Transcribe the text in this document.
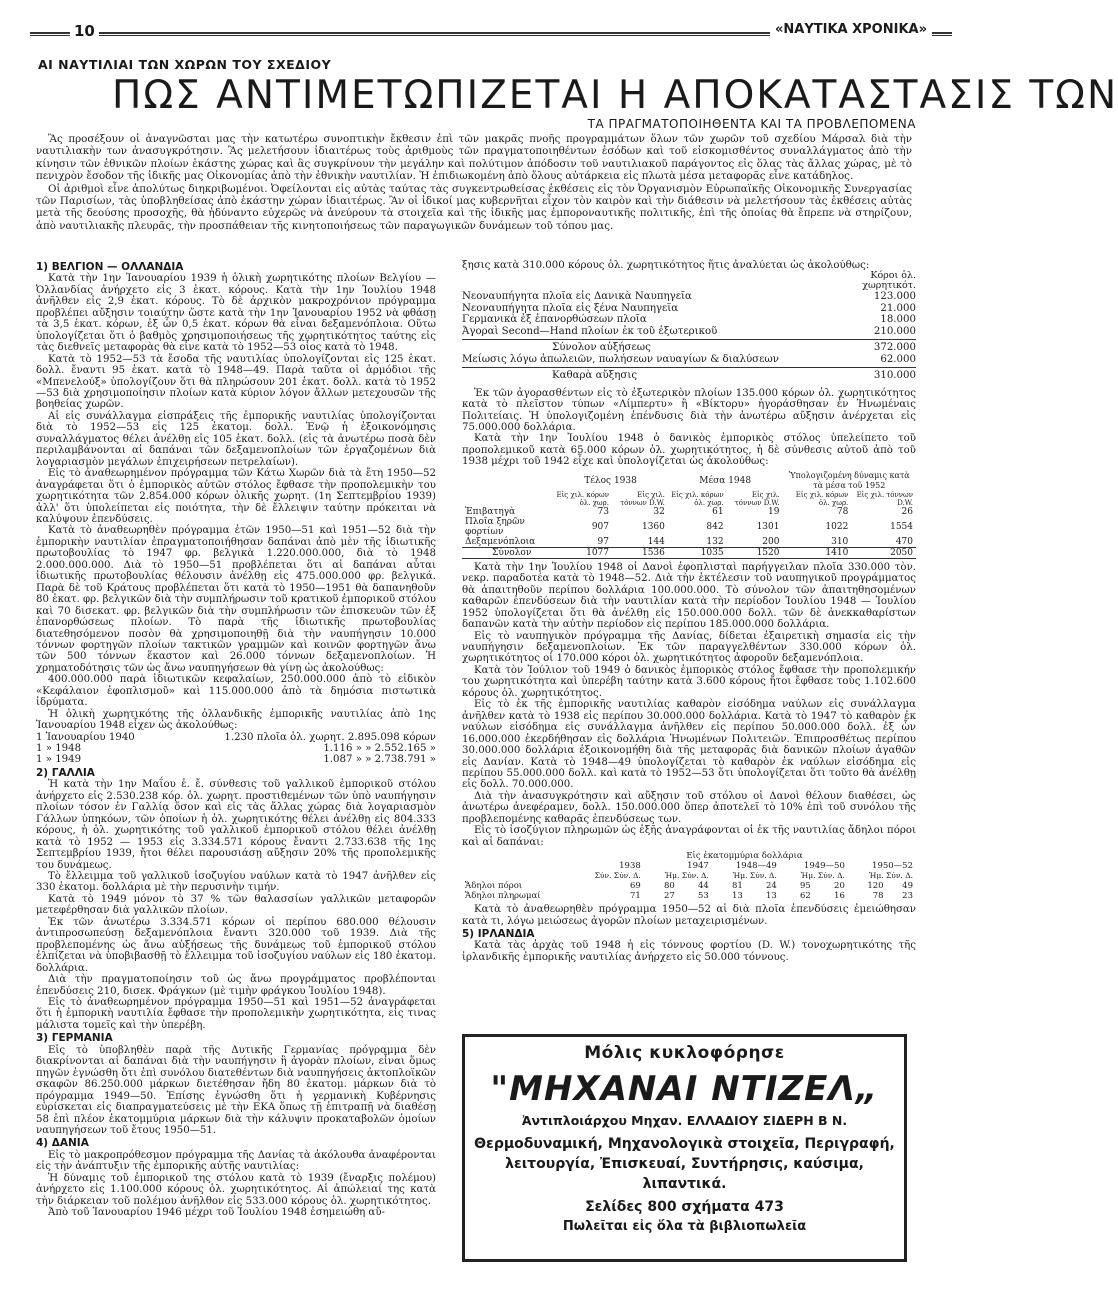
10	«ΝΑΥΤΙΚΑ ΧΡΟΝΙΚΑ»
ΑΙ ΝΑΥΤΙΛΙΑΙ ΤΩΝ ΧΩΡΩΝ ΤΟΥ ΣΧΕΔΙΟΥ
ΠΩΣ ΑΝΤΙΜΕΤΩΠΙΖΕΤΑΙ Η ΑΠΟΚΑΤΑΣΤΑΣΙΣ ΤΩΝ
ΤΑ ΠΡΑΓΜΑΤΟΠΟΙΗΘΕΝΤΑ ΚΑΙ ΤΑ ΠΡΟΒΛΕΠΟΜΕΝΑ

Ἂς προσέξουν οἱ ἀναγνῶσται μας τὴν κατωτέρω συνοπτικὴν ἔκθεσιν ἐπὶ τῶν μακρᾶς πνοῆς προγραμμάτων ὅλων τῶν χωρῶν τοῦ σχεδίου Μάρσαλ διὰ τὴν ναυτιλιακὴν των ἀνασυγκρότησιν. Ἂς μελετήσουν ἰδιαιτέρως τοὺς ἀριθμοὺς τῶν πραγματοποιηθέντων ἐσόδων καὶ τοῦ εἰσκομισθέντος συναλλάγματος ἀπὸ τὴν κίνησιν τῶν ἐθνικῶν πλοίων ἑκάστης χώρας καὶ ἂς συγκρίνουν τὴν μεγάλην καὶ πολύτιμον ἀπόδοσιν τοῦ ναυτιλιακοῦ παράγοντος εἰς ὅλας τὰς ἄλλας χώρας, μὲ τὸ πενιχρὸν ἔσοδον τῆς ἰδικῆς μας Οἰκονομίας ἀπὸ τὴν ἐθνικὴν ναυτιλίαν. Ἡ ἐπιδιωκομένη ἀπὸ ὅλους αὐτάρκεια εἰς πλωτὰ μέσα μεταφορᾶς εἶνε κατάδηλος.

Οἱ ἀριθμοὶ εἶνε ἀπολύτως διηκριβωμένοι. Ὀφείλονται εἰς αὐτὰς ταύτας τὰς συγκεντρωθείσας ἐκθέσεις εἰς τὸν Ὀργανισμὸν Εὐρωπαϊκῆς Οἰκονομικῆς Συνεργασίας τῶν Παρισίων, τὰς ὑποβληθείσας ἀπὸ ἑκάστην χώραν ἰδιαιτέρως. Ἂν οἱ ἰδικοί μας κυβερνῆται εἶχον τὸν καιρὸν καὶ τὴν διάθεσιν νὰ μελετήσουν τὰς ἐκθέσεις αὐτὰς μετὰ τῆς δεούσης προσοχῆς, θὰ ἠδύναντο εὐχερῶς νὰ ἀνεύρουν τὰ στοιχεῖα καὶ τῆς ἰδικῆς μας ἐμποροναυτικῆς πολιτικῆς, ἐπὶ τῆς ὁποίας θὰ ἔπρεπε νὰ στηρίζουν, ἀπὸ ναυτιλιακῆς πλευρᾶς, τὴν προσπάθειαν τῆς κινητοποιήσεως τῶν παραγωγικῶν δυνάμεων τοῦ τόπου μας.

1) ΒΕΛΓΙΟΝ — ΟΛΛΑΝΔΙΑ

Κατὰ τὴν 1ην Ἰανουαρίου 1939 ἡ ὁλικὴ χωρητικότης πλοίων Βελγίου — Ὀλλανδίας ἀνήρχετο εἰς 3 ἑκατ. κόρους. Κατὰ τὴν 1ην Ἰουλίου 1948 ἀνῆλθεν εἰς 2,9 ἑκατ. κόρους. Τὸ δὲ ἀρχικὸν μακροχρόνιον πρόγραμμα προβλέπει αὔξησιν τοιαύτην ὥστε κατὰ τὴν 1ην Ἰανουαρίου 1952 νὰ φθάσῃ τὰ 3,5 ἑκατ. κόρων, ἐξ ὧν 0,5 ἑκατ. κόρων θὰ εἶναι δεξαμενόπλοια. Οὕτω ὑπολογίζεται ὅτι ὁ βαθμὸς χρησιμοποιήσεως τῆς χωρητικότητος ταύτης εἰς τὰς διεθνεῖς μεταφορὰς θὰ εἶνε κατὰ τὸ 1952—53 οἷος κατὰ τὸ 1948.

Κατὰ τὸ 1952—53 τὰ ἔσοδα τῆς ναυτιλίας ὑπολογίζονται εἰς 125 ἑκατ. δολλ. ἔναντι 95 ἑκατ. κατὰ τὸ 1948—49. Παρὰ ταῦτα οἱ ἁρμόδιοι τῆς «Μπενελούξ» ὑπολογίζουν ὅτι θὰ πληρώσουν 201 ἑκατ. δολλ. κατὰ τὸ 1952—53 διὰ χρησιμοποίησιν πλοίων κατὰ κύριον λόγον ἄλλων μετεχουσῶν τῆς βοηθείας χωρῶν.

Αἱ εἰς συνάλλαγμα εἰσπράξεις τῆς ἐμπορικῆς ναυτιλίας ὑπολογίζονται διὰ τὸ 1952—53 εἰς 125 ἑκατομ. δολλ. Ἐνῷ ἡ ἐξοικονόμησις συναλλάγματος θέλει ἀνέλθῃ εἰς 105 ἑκατ. δολλ. (εἰς τὰ ἀνωτέρω ποσὰ δὲν περιλαμβάνονται αἱ δαπάναι τῶν δεξαμενοπλοίων τῶν ἐργαζομένων διὰ λογαριασμὸν μεγάλων ἐπιχειρήσεων πετρελαίων).

Εἰς τὸ ἀναθεωρημένον πρόγραμμα τῶν Κάτω Χωρῶν διὰ τὰ ἔτη 1950—52 ἀναγράφεται ὅτι ὁ ἐμπορικὸς αὐτῶν στόλος ἔφθασε τὴν προπολεμικὴν του χωρητικότητα τῶν 2.854.000 κόρων ὁλικῆς χωρητ. (1η Σεπτεμβρίου 1939) ἀλλ' ὅτι ὑπολείπεται εἰς ποιότητα, τὴν δὲ ἔλλειψιν ταύτην πρόκειται νὰ καλύψουν ἐπενδύσεις.

Κατὰ τὸ ἀναθεωρηθὲν πρόγραμμα ἐτῶν 1950—51 καὶ 1951—52 διὰ τὴν ἐμπορικὴν ναυτιλίαν ἐπραγματοποιήθησαν δαπάναι ἀπὸ μὲν τῆς ἰδιωτικῆς πρωτοβουλίας τὸ 1947 φρ. βελγικὰ 1.220.000.000, διὰ τὸ 1948 2.000.000.000. Διὰ τὸ 1950—51 προβλέπεται ὅτι αἱ δαπάναι αὗται ἰδιωτικῆς πρωτοβουλίας θέλουσιν ἀνέλθῃ εἰς 475.000.000 φρ. βελγικά. Παρὰ δὲ τοῦ Κράτους προβλέπεται ὅτι κατὰ τὸ 1950—1951 θὰ δαπανηθοῦν 80 ἑκατ. φρ. βελγικῶν διὰ τὴν συμπλήρωσιν τοῦ κρατικοῦ ἐμπορικοῦ στόλου καὶ 70 δισεκατ. φρ. βελγικῶν διὰ τὴν συμπλήρωσιν τῶν ἐπισκευῶν τῶν ἐξ ἐπανορθώσεως πλοίων. Τὸ παρὰ τῆς ἰδιωτικῆς πρωτοβουλίας διατεθησόμενον ποσὸν θὰ χρησιμοποιηθῇ διὰ τὴν ναυπήγησιν 10.000 τόννων φορτηγῶν πλοίων τακτικῶν γραμμῶν καὶ κοινῶν φορτηγῶν ἄνω τῶν 500 τόννων ἕκαστον καὶ 26.000 τόννων δεξαμενοπλοίων. Ἡ χρηματοδότησις τῶν ὡς ἄνω ναυπηγήσεων θὰ γίνῃ ὡς ἀκολούθως:

400.000.000 παρὰ ἰδιωτικῶν κεφαλαίων, 250.000.000 ἀπὸ τὸ εἰδικὸν «Κεφάλαιον ἐφοπλισμοῦ» καὶ 115.000.000 ἀπὸ τὰ δημόσια πιστωτικὰ ἱδρύματα.

Ἡ ὁλικὴ χωρητικότης τῆς ὀλλανδικῆς ἐμπορικῆς ναυτιλίας ἀπὸ 1ης Ἰανουαρίου 1948 εἶχεν ὡς ἀκολούθως:

1 Ἰανουαρίου 1940	1.230 πλοῖα ὁλ. χωρητ. 2.895.098 κόρων
1 » 1948	1.116 » » 2.552.165 »
1 » 1949	1.087 » » 2.738.791 »

2) ΓΑΛΛΙΑ

Ἡ κατὰ τὴν 1ην Μαΐου ἐ. ἔ. σύνθεσις τοῦ γαλλικοῦ ἐμπορικοῦ στόλου ἀνήρχετο εἰς 2.530.238 κόρ. ὁλ. χωρητ. προστιθεμένων τῶν ὑπὸ ναυπήγησιν πλοίων τόσον ἐν Γαλλίᾳ ὅσον καὶ εἰς τὰς ἄλλας χώρας διὰ λογαριασμὸν Γάλλων ὑπηκόων, τῶν ὁποίων ἡ ὁλ. χωρητικότης θέλει ἀνέλθῃ εἰς 804.333 κόρους, ἡ ὁλ. χωρητικότης τοῦ γαλλικοῦ ἐμπορικοῦ στόλου θέλει ἀνέλθῃ κατὰ τὸ 1952 — 1953 εἰς 3.334.571 κόρους ἔναντι 2.733.638 τῆς 1ης Σεπτεμβρίου 1939, ἤτοι θέλει παρουσιάσῃ αὔξησιν 20% τῆς προπολεμικῆς του δυνάμεως.

Τὸ ἔλλειμμα τοῦ γαλλικοῦ ἰσοζυγίου ναύλων κατὰ τὸ 1947 ἀνῆλθεν εἰς 330 ἑκατομ. δολλάρια μὲ τὴν περυσινὴν τιμήν.

Κατὰ τὸ 1949 μόνον τὸ 37 % τῶν θαλασσίων γαλλικῶν μεταφορῶν μετεφέρθησαν διὰ γαλλικῶν πλοίων.

Ἐκ τῶν ἀνωτέρω 3.334.571 κόρων οἱ περίπου 680.000 θέλουσιν ἀντιπροσωπεύσῃ δεξαμενόπλοια ἔναντι 320.000 τοῦ 1939. Διὰ τῆς προβλεπομένης ὡς ἄνω αὐξήσεως τῆς δυνάμεως τοῦ ἐμπορικοῦ στόλου ἐλπίζεται νὰ ὑποβιβασθῇ τὸ ἔλλειμμα τοῦ ἰσοζυγίου ναύλων εἰς 180 ἑκατομ. δολλάρια.

Διὰ τὴν πραγματοποίησιν τοῦ ὡς ἄνω προγράμματος προβλέπονται ἐπενδύσεις 210, δισεκ. Φράγκων (μὲ τιμὴν φράγκου Ἰουλίου 1948).

Εἰς τὸ ἀναθεωρημένον πρόγραμμα 1950—51 καὶ 1951—52 ἀναγράφεται ὅτι ἡ ἐμπορικὴ ναυτιλία ἔφθασε τὴν προπολεμικὴν χωρητικότητα, εἰς τινας μάλιστα τομεῖς καὶ τὴν ὑπερέβη.

3) ΓΕΡΜΑΝΙΑ

Εἰς τὸ ὑποβληθὲν παρὰ τῆς Δυτικῆς Γερμανίας πρόγραμμα δὲν διακρίνονται αἱ δαπάναι διὰ τὴν ναυπήγησιν ἢ ἀγορὰν πλοίων, εἶναι ὅμως πηγῶν ἐγνώσθη ὅτι ἐπὶ συνόλου διατεθέντων διὰ ναυπηγήσεις ἀκτοπλοϊκῶν σκαφῶν 86.250.000 μάρκων διετέθησαν ἤδη 80 ἑκατομ. μάρκων διὰ τὸ πρόγραμμα 1949—50. Ἐπίσης ἐγνώσθη ὅτι ἡ γερμανικὴ Κυβέρνησις εὑρίσκεται εἰς διαπραγματεύσεις μὲ τὴν ΕΚΑ ὅπως τῇ ἐπιτραπῇ νὰ διαθέσῃ 58 ἐπὶ πλέον ἑκατομμύρια μάρκων διὰ τὴν κάλυψιν προκαταβολῶν ὁμοίων ναυπηγήσεων τοῦ ἔτους 1950—51.

4) ΔΑΝΙΑ

Εἰς τὸ μακροπρόθεσμον πρόγραμμα τῆς Δανίας τὰ ἀκόλουθα ἀναφέρονται εἰς τὴν ἀνάπτυξιν τῆς ἐμπορικῆς αὐτῆς ναυτιλίας:

Ἡ δύναμις τοῦ ἐμπορικοῦ της στόλου κατὰ τὸ 1939 (ἔναρξις πολέμου) ἀνήρχετο εἰς 1.100.000 κόρους ὁλ. χωρητικότητος. Αἱ ἀπώλειαί της κατὰ τὴν διάρκειαν τοῦ πολέμου ἀνῆλθον εἰς 533.000 κόρους ὁλ. χωρητικότητος.

Ἀπὸ τοῦ Ἰανουαρίου 1946 μέχρι τοῦ Ἰουλίου 1948 ἐσημειώθη αὔ-

ξησις κατὰ 310.000 κόρους ὁλ. χωρητικότητος ἥτις ἀναλύεται ὡς ἀκολούθως:

Κόροι ὁλ. χωρητικότ.
Νεοναυπήγητα πλοῖα εἰς Δανικὰ Ναυπηγεῖα	123.000
Νεοναυπήγητα πλοῖα εἰς ξένα Ναυπηγεῖα	21.000
Γερμανικὰ ἐξ ἐπανορθώσεων πλοῖα	18.000
Ἀγοραὶ Second—Hand πλοίων ἐκ τοῦ ἐξωτερικοῦ	210.000
Σύνολον αὐξήσεως	372.000
Μείωσις λόγω ἀπωλειῶν, πωλήσεων ναυαγίων & διαλύσεων	62.000
Καθαρὰ αὔξησις	310.000

Ἐκ τῶν ἀγορασθέντων εἰς τὸ ἐξωτερικὸν πλοίων 135.000 κόρων ὁλ. χωρητικότητος κατὰ τὸ πλεῖστον τύπων «Λίμπερτυ» ἢ «Βίκτορυ» ἠγοράσθησαν ἐν Ἡνωμέναις Πολιτείαις. Ἡ ὑπολογιζομένη ἐπένδυσις διὰ τὴν ἀνωτέρω αὔξησιν ἀνέρχεται εἰς 75.000.000 δολλάρια.

Κατὰ τὴν 1ην Ἰουλίου 1948 ὁ δανικὸς ἐμπορικὸς στόλος ὑπελείπετο τοῦ προπολεμικοῦ κατὰ 65.000 κόρων ὁλ. χωρητικότητος, ἡ δὲ σύνθεσις αὐτοῦ ἀπὸ τοῦ 1938 μέχρι τοῦ 1942 εἶχε καὶ ὑπολογίζεται ὡς ἀκολούθως:

	Τέλος 1938		Μέσα 1948		Ὑπολογιζομένη δύναμις κατὰ τὰ μέσα τοῦ 1952	
	Εἰς χιλ. κόρων ὁλ. χωρ.	Εἰς χιλ. τόννων D.W.	Εἰς χιλ. κόρων ὁλ. χωρ.	Εἰς χιλ. τόννων D.W.	Εἰς χιλ. κόρων ὁλ. χωρ.	Εἰς χιλ. τόννων D.W.
Ἐπιβατηγὰ	73	32	61	19	78	26
Πλοῖα ξηρῶν φορτίων	907	1360	842	1301	1022	1554
Δεξαμενόπλοια	97	144	132	200	310	470
Σύνολον	1077	1536	1035	1520	1410	2050

Κατὰ τὴν 1ην Ἰουλίου 1948 οἱ Δανοὶ ἐφοπλισταὶ παρήγγειλαν πλοῖα 330.000 τὸν. νεκρ. παραδοτέα κατὰ τὸ 1948—52. Διὰ τὴν ἐκτέλεσιν τοῦ ναυπηγικοῦ προγράμματος θὰ ἀπαιτηθοῦν περίπου δολλάρια 100.000.000. Τὸ σύνολον τῶν ἀπαιτηθησομένων καθαρῶν ἐπενδύσεων διὰ τὴν ναυτιλίαν κατὰ τὴν περίοδον Ἰουλίου 1948 — Ἰουλίου 1952 ὑπολογίζεται ὅτι θὰ ἀνέλθῃ εἰς 150.000.000 δολλ. τῶν δὲ ἀνεκκαθαρίστων δαπανῶν κατὰ τὴν αὐτὴν περίοδον εἰς περίπου 185.000.000 δολλάρια.

Εἰς τὸ ναυπηγικὸν πρόγραμμα τῆς Δανίας, δίδεται ἐξαιρετικὴ σημασία εἰς τὴν ναυπήγησιν δεξαμενοπλοίων. Ἐκ τῶν παραγγελθέντων 330.000 κόρων ὁλ. χωρητικότητος οἱ 170.000 κόροι ὁλ. χωρητικότητος ἀφοροῦν δεξαμενόπλοια.

Κατὰ τὸν Ἰούλιον τοῦ 1949 ὁ δανικὸς ἐμπορικὸς στόλος ἔφθασε τὴν προπολεμικήν του χωρητικότητα καὶ ὑπερέβη ταύτην κατὰ 3.600 κόρους ἤτοι ἔφθασε τοὺς 1.102.600 κόρους ὁλ. χωρητικότητος.

Εἰς τὸ ἐκ τῆς ἐμπορικῆς ναυτιλίας καθαρὸν εἰσόδημα ναύλων εἰς συνάλλαγμα ἀνῆλθεν κατὰ τὸ 1938 εἰς περίπου 30.000.000 δολλάρια. Κατὰ τὸ 1947 τὸ καθαρὸν ἐκ ναύλων εἰσόδημα εἰς συνάλλαγμα ἀνῆλθεν εἰς περίπου 50.000.000 δολλ. ἐξ ὧν 16.000.000 ἐκερδήθησαν εἰς δολλάρια Ἡνωμένων Πολιτειῶν. Ἐπιπροσθέτως περίπου 30.000.000 δολλάρια ἐξοικονομήθη διὰ τῆς μεταφορᾶς διὰ δανικῶν πλοίων ἀγαθῶν εἰς Δανίαν. Κατὰ τὸ 1948—49 ὑπολογίζεται τὸ καθαρὸν ἐκ ναύλων εἰσόδημα εἰς περίπου 55.000.000 δολλ. καὶ κατὰ τὸ 1952—53 ὅτι ὑπολογίζεται ὅτι τοῦτο θὰ ἀνέλθῃ εἰς δολλ. 70.000.000.

Διὰ τὴν ἀνασυγκρότησιν καὶ αὔξησιν τοῦ στόλου οἱ Δανοὶ θέλουν διαθέσει, ὡς ἀνωτέρω ἀνεφέραμεν, δολλ. 150.000.000 ὅπερ ἀποτελεῖ τὸ 10% ἐπὶ τοῦ συνόλου τῆς προβλεπομένης καθαρᾶς ἐπενδύσεως των.

Εἰς τὸ ἰσοζύγιον πληρωμῶν ὡς ἐξῆς ἀναγράφονται οἱ ἐκ τῆς ναυτιλίας ἄδηλοι πόροι καὶ αἱ δαπάναι:

	Εἰς ἑκατομμύρια δολλάρια								
	1938	1947		1948—49		1949—50		1950—52	
	Σύν. Σύν. Δ.	Ἡμ. Σύν. Δ.		Ἡμ. Σύν. Δ.		Ἡμ. Σύν. Δ.		Ἡμ. Σύν. Δ.	
Ἄδηλοι πόροι	69	80	44	81	24	95	20	120	49
Ἄδηλοι πληρωμαί	71	27	53	13	13	62	16	78	23

Κατὰ τὸ ἀναθεωρηθὲν πρόγραμμα 1950—52 αἱ διὰ πλοῖα ἐπενδύσεις ἐμειώθησαν κατὰ τι, λόγω μειώσεως ἀγορῶν πλοίων μεταχειρισμένων.

5) ΙΡΛΑΝΔΙΑ

Κατὰ τὰς ἀρχὰς τοῦ 1948 ἡ εἰς τόννους φορτίου (D. W.) τονοχωρητικότης τῆς ἰρλανδικῆς ἐμπορικῆς ναυτιλίας ἀνήρχετο εἰς 50.000 τόννους.

Μόλις κυκλοφόρησε
"ΜΗΧΑΝΑΙ ΝΤΙΖΕΛ„
Ἀντιπλοιάρχου Μηχαν. ΕΛΛΑΔΙΟΥ ΣΙΔΕΡΗ Β Ν.
Θερμοδυναμική, Μηχανολογικὰ στοιχεῖα, Περιγραφή, λειτουργία, Ἐπισκευαί, Συντήρησις, καύσιμα, λιπαντικά.
Σελίδες 800 σχήματα 473
Πωλεῖται εἰς ὅλα τὰ βιβλιοπωλεῖα
